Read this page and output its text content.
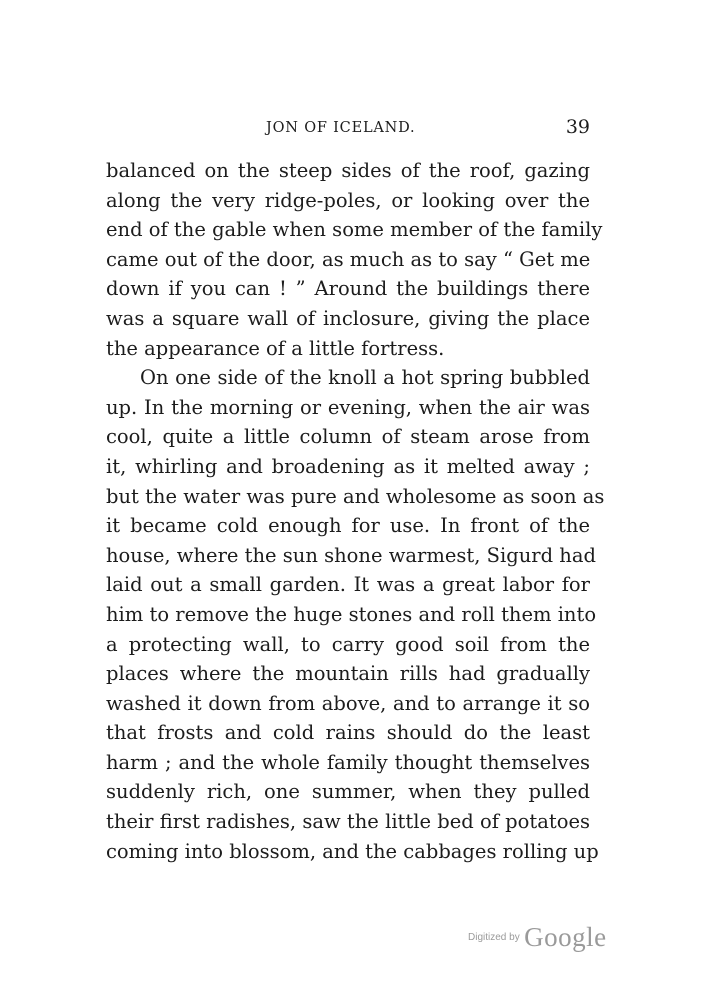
JON OF ICELAND.	39
balanced on the steep sides of the roof, gazing
along the very ridge-poles, or looking over the
end of the gable when some member of the family
came out of the door, as much as to say “ Get me
down if you can ! ” Around the buildings there
was a square wall of inclosure, giving the place
the appearance of a little fortress.
On one side of the knoll a hot spring bubbled
up. In the morning or evening, when the air was
cool, quite a little column of steam arose from
it, whirling and broadening as it melted away ;
but the water was pure and wholesome as soon as
it became cold enough for use. In front of the
house, where the sun shone warmest, Sigurd had
laid out a small garden. It was a great labor for
him to remove the huge stones and roll them into
a protecting wall, to carry good soil from the
places where the mountain rills had gradually
washed it down from above, and to arrange it so
that frosts and cold rains should do the least
harm ; and the whole family thought themselves
suddenly rich, one summer, when they pulled
their first radishes, saw the little bed of potatoes
coming into blossom, and the cabbages rolling up
Digitized by Google
